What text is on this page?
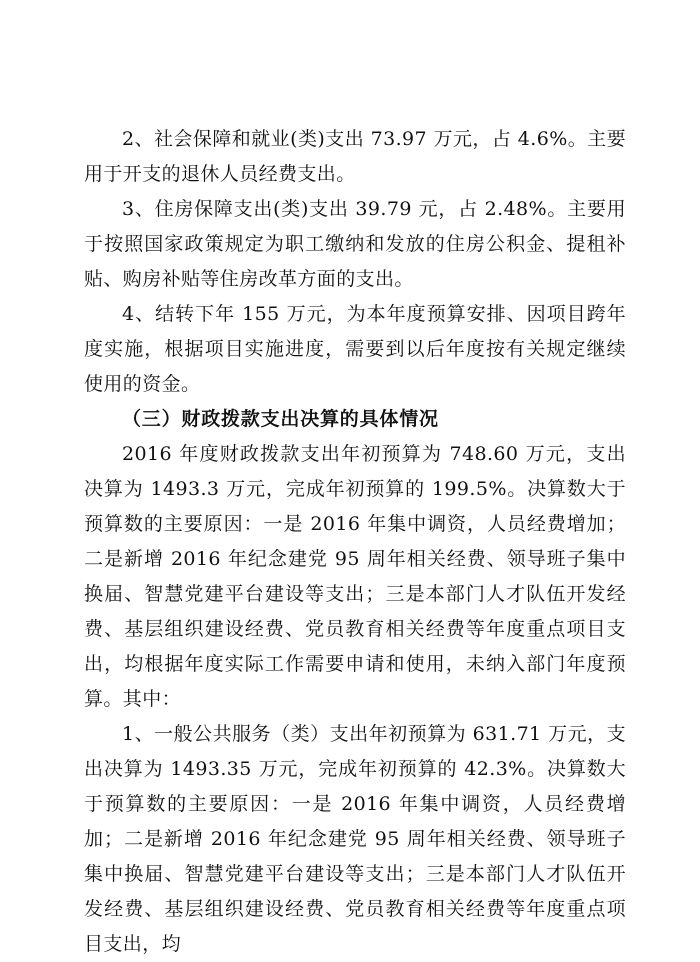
2、社会保障和就业(类)支出 73.97 万元，占 4.6%。主要用于开支的退休人员经费支出。

3、住房保障支出(类)支出 39.79 元，占 2.48%。主要用于按照国家政策规定为职工缴纳和发放的住房公积金、提租补贴、购房补贴等住房改革方面的支出。

4、结转下年 155 万元，为本年度预算安排、因项目跨年度实施，根据项目实施进度，需要到以后年度按有关规定继续使用的资金。

（三）财政拨款支出决算的具体情况

2016 年度财政拨款支出年初预算为 748.60 万元，支出决算为 1493.3 万元，完成年初预算的 199.5%。决算数大于预算数的主要原因：一是 2016 年集中调资，人员经费增加；二是新增 2016 年纪念建党 95 周年相关经费、领导班子集中换届、智慧党建平台建设等支出；三是本部门人才队伍开发经费、基层组织建设经费、党员教育相关经费等年度重点项目支出，均根据年度实际工作需要申请和使用，未纳入部门年度预算。其中：

1、一般公共服务（类）支出年初预算为 631.71 万元，支出决算为 1493.35 万元，完成年初预算的 42.3%。决算数大于预算数的主要原因：一是 2016 年集中调资，人员经费增加；二是新增 2016 年纪念建党 95 周年相关经费、领导班子集中换届、智慧党建平台建设等支出；三是本部门人才队伍开发经费、基层组织建设经费、党员教育相关经费等年度重点项目支出，均
